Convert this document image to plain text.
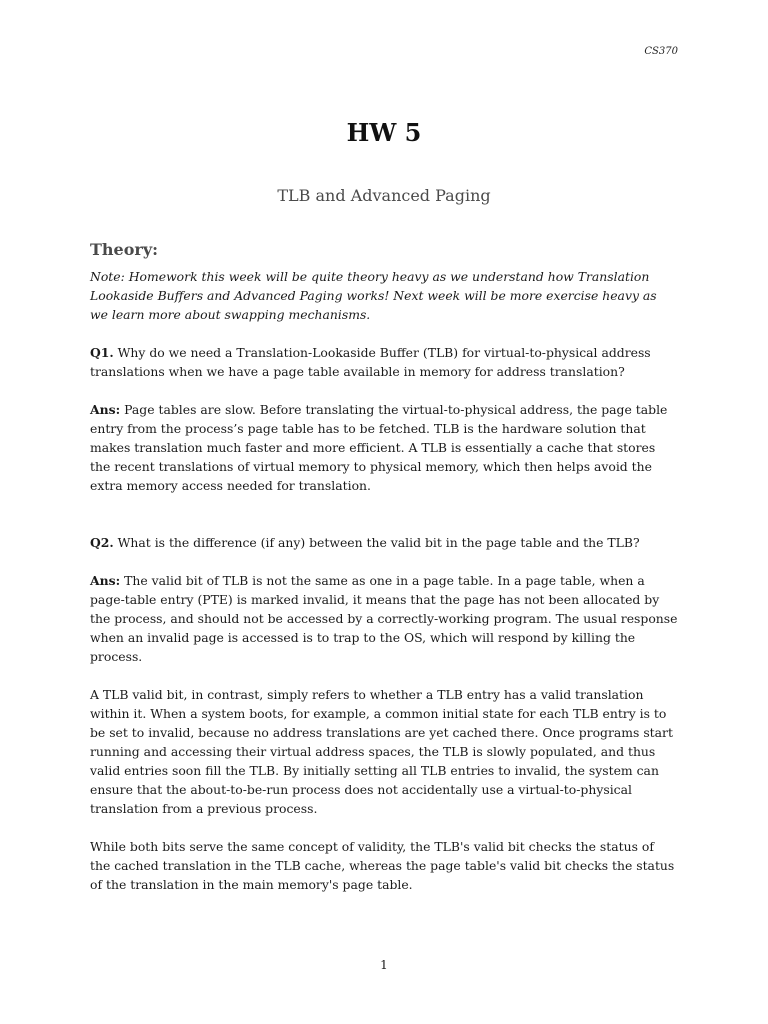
CS370
HW 5
TLB and Advanced Paging
Theory:

Note: Homework this week will be quite theory heavy as we understand how Translation Lookaside Buffers and Advanced Paging works! Next week will be more exercise heavy as we learn more about swapping mechanisms.

Q1. Why do we need a Translation-Lookaside Buffer (TLB) for virtual-to-physical address translations when we have a page table available in memory for address translation?

Ans: Page tables are slow. Before translating the virtual-to-physical address, the page table entry from the process’s page table has to be fetched. TLB is the hardware solution that makes translation much faster and more efficient. A TLB is essentially a cache that stores the recent translations of virtual memory to physical memory, which then helps avoid the extra memory access needed for translation.

Q2. What is the difference (if any) between the valid bit in the page table and the TLB?

Ans: The valid bit of TLB is not the same as one in a page table. In a page table, when a page-table entry (PTE) is marked invalid, it means that the page has not been allocated by the process, and should not be accessed by a correctly-working program. The usual response when an invalid page is accessed is to trap to the OS, which will respond by killing the process.

A TLB valid bit, in contrast, simply refers to whether a TLB entry has a valid translation within it. When a system boots, for example, a common initial state for each TLB entry is to be set to invalid, because no address translations are yet cached there. Once programs start running and accessing their virtual address spaces, the TLB is slowly populated, and thus valid entries soon fill the TLB. By initially setting all TLB entries to invalid, the system can ensure that the about-to-be-run process does not accidentally use a virtual-to-physical translation from a previous process.

While both bits serve the same concept of validity, the TLB's valid bit checks the status of the cached translation in the TLB cache, whereas the page table's valid bit checks the status of the translation in the main memory's page table.

1
